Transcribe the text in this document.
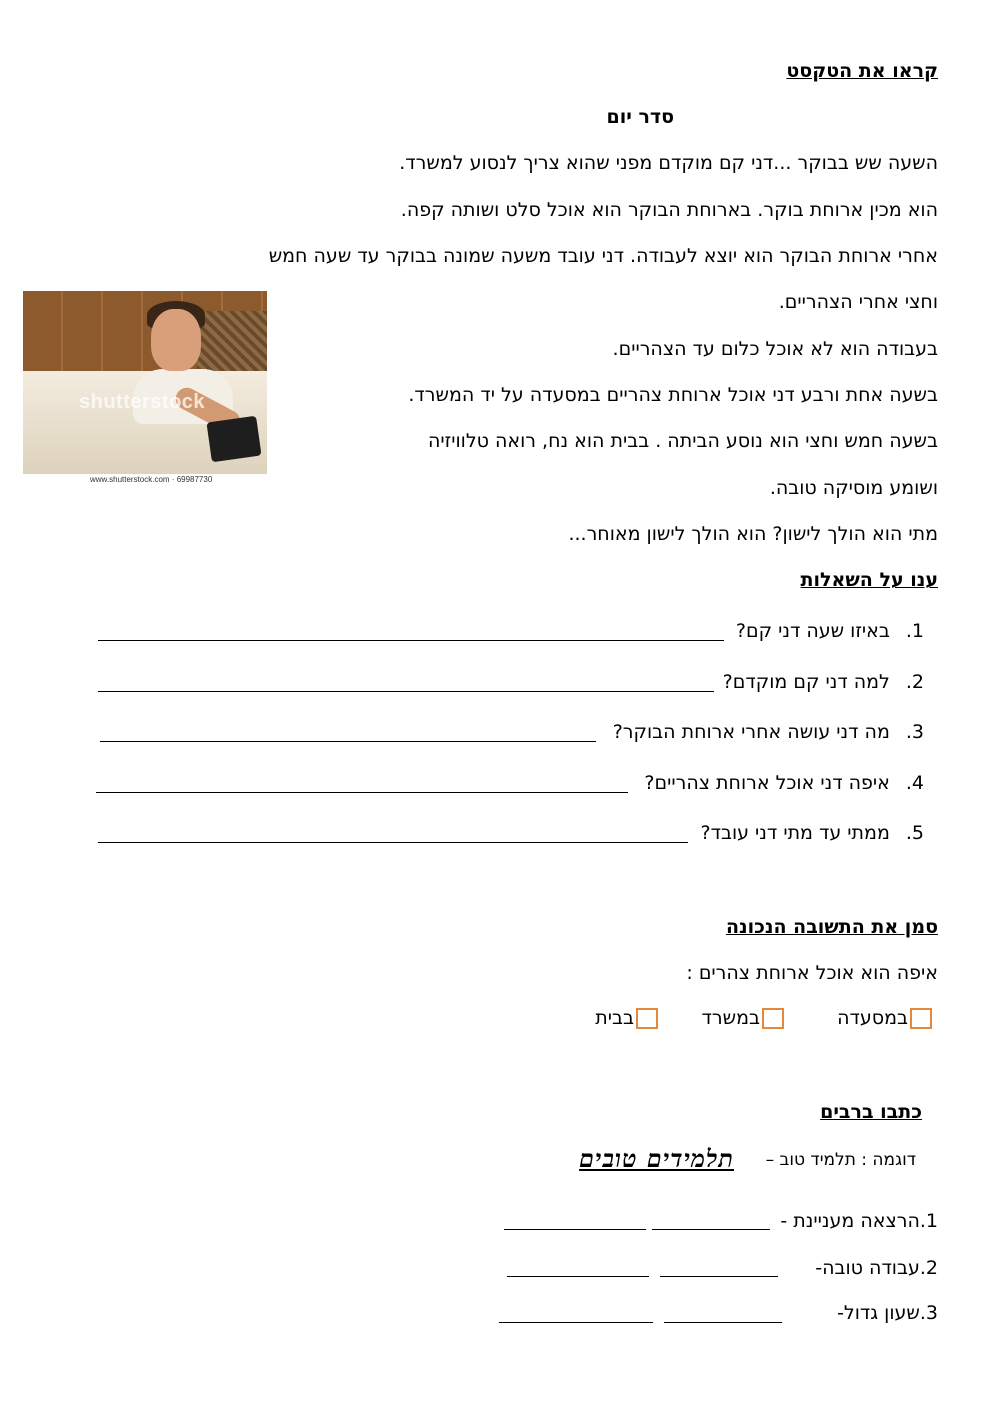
קראו את הטקסט
סדר יום
השעה שש בבוקר ...דני קם מוקדם מפני שהוא צריך לנסוע למשרד.
הוא מכין ארוחת בוקר. בארוחת הבוקר הוא אוכל סלט ושותה קפה.
אחרי ארוחת הבוקר הוא יוצא לעבודה. דני עובד משעה שמונה בבוקר עד שעה חמש
וחצי אחרי הצהריים.
בעבודה הוא לא אוכל כלום עד הצהריים.
בשעה אחת ורבע דני אוכל ארוחת צהריים במסעדה על יד המשרד.
בשעה חמש וחצי הוא נוסע הביתה . בבית הוא נח, רואה טלוויזיה
ושומע מוסיקה טובה.
מתי הוא הולך לישון? הוא הולך לישון מאוחר...
shutterstock
www.shutterstock.com · 69987730
ענו על השאלות
1.באיזו שעה דני קם?
2.למה דני קם מוקדם?
3.מה דני עושה אחרי ארוחת הבוקר?
4.איפה דני אוכל ארוחת צהריים?
5.ממתי עד מתי דני עובד?
סמן את התשובה הנכונה
איפה הוא אוכל ארוחת צהרים :
במסעדה
במשרד
בבית
כתבו ברבים
דוגמה : תלמיד טוב –
תלמידים טובים
1.הרצאה מעניינת -
2.עבודה טובה-
3.שעון גדול-
